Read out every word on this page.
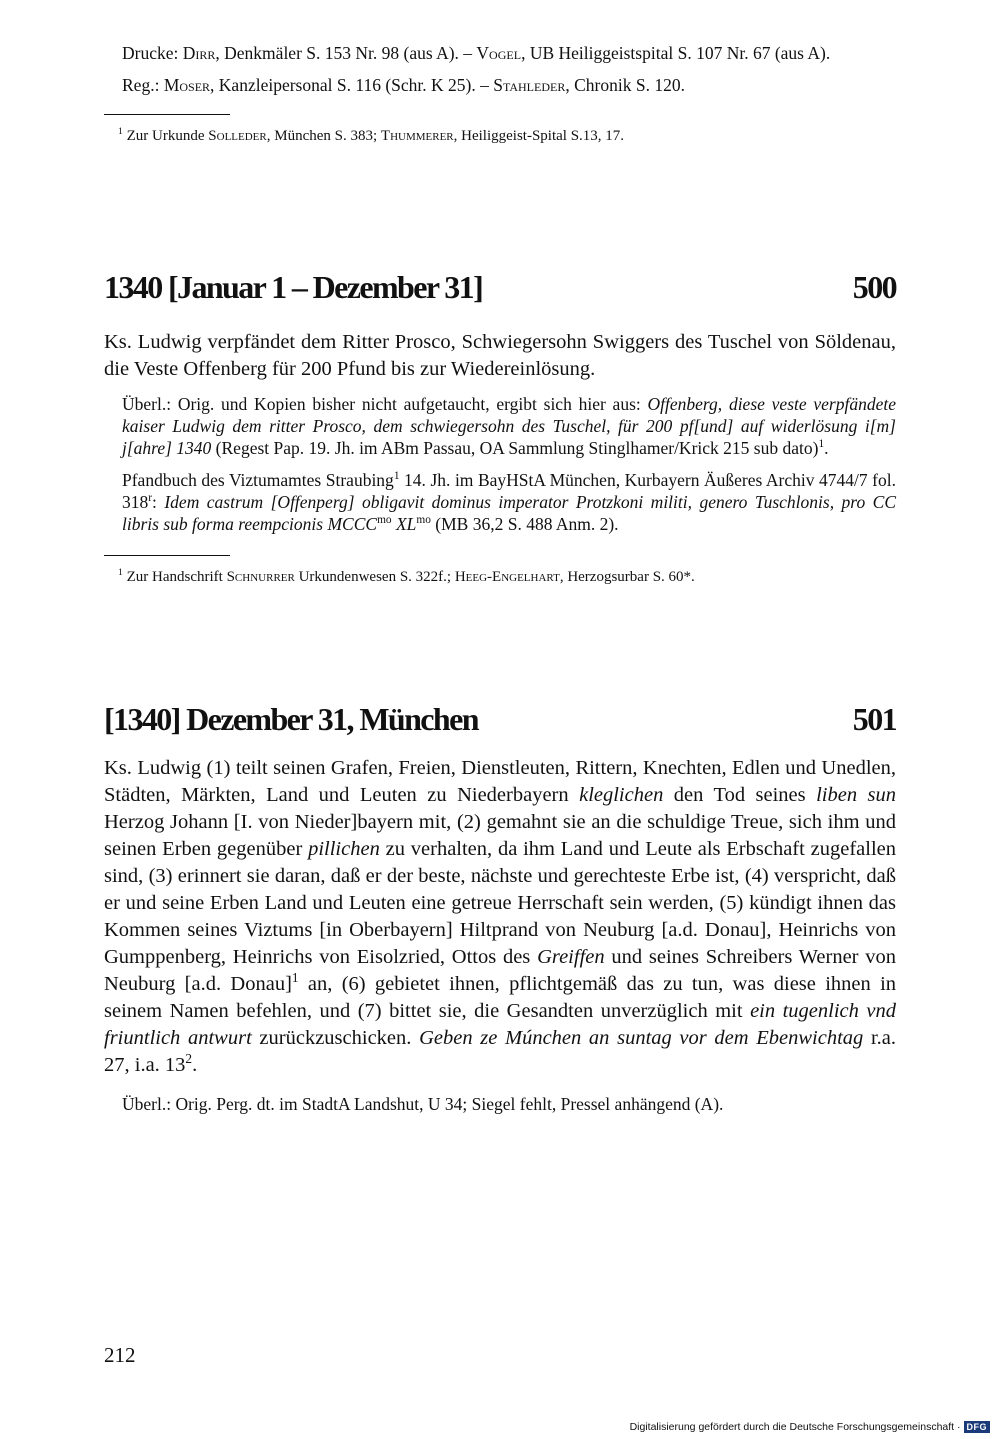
Drucke: Dirr, Denkmäler S. 153 Nr. 98 (aus A). – Vogel, UB Heiliggeistspital S. 107 Nr. 67 (aus A).

Reg.: Moser, Kanzleipersonal S. 116 (Schr. K 25). – Stahleder, Chronik S. 120.

$^1$ Zur Urkunde Solleder, München S. 383; Thummerer, Heiliggeist-Spital S.13, 17.

1340 [Januar 1 – Dezember 31]	500

Ks. Ludwig verpfändet dem Ritter Prosco, Schwiegersohn Swiggers des Tuschel von Söldenau, die Veste Offenberg für 200 Pfund bis zur Wiedereinlösung.

Überl.: Orig. und Kopien bisher nicht aufgetaucht, ergibt sich hier aus: Offenberg, diese veste verpfändete kaiser Ludwig dem ritter Prosco, dem schwiegersohn des Tuschel, für 200 pf[und] auf widerlösung i[m] j[ahre] 1340 (Regest Pap. 19. Jh. im ABm Passau, OA Sammlung Stinglhamer/Krick 215 sub dato)$^1$.

Pfandbuch des Viztumamtes Straubing$^1$ 14. Jh. im BayHStA München, Kurbayern Äußeres Archiv 4744/7 fol. 318$^r$: Idem castrum [Offenperg] obligavit dominus imperator Protzkoni militi, genero Tuschlonis, pro CC libris sub forma reempcionis $MCCC^{mo}$ $XL^{mo}$ (MB 36,2 S. 488 Anm. 2).

$^1$ Zur Handschrift Schnurrer Urkundenwesen S. 322f.; Heeg-Engelhart, Herzogsurbar S. 60*.

[1340] Dezember 31, München	501

Ks. Ludwig (1) teilt seinen Grafen, Freien, Dienstleuten, Rittern, Knechten, Edlen und Unedlen, Städten, Märkten, Land und Leuten zu Niederbayern kleglichen den Tod seines liben sun Herzog Johann [I. von Nieder]bayern mit, (2) gemahnt sie an die schuldige Treue, sich ihm und seinen Erben gegenüber pillichen zu verhalten, da ihm Land und Leute als Erbschaft zugefallen sind, (3) erinnert sie daran, daß er der beste, nächste und gerechteste Erbe ist, (4) verspricht, daß er und seine Erben Land und Leuten eine getreue Herrschaft sein werden, (5) kündigt ihnen das Kommen seines Viztums [in Oberbayern] Hiltprand von Neuburg [a.d. Donau], Heinrichs von Gumppenberg, Heinrichs von Eisolzried, Ottos des Greiffen und seines Schreibers Werner von Neuburg [a.d. Donau]$^1$ an, (6) gebietet ihnen, pflichtgemäß das zu tun, was diese ihnen in seinem Namen befehlen, und (7) bittet sie, die Gesandten unverzüglich mit ein tugenlich vnd friuntlich antwurt zurückzuschicken. Geben ze Múnchen an suntag vor dem Ebenwichtag r.a. 27, i.a. $13^2$.

Überl.: Orig. Perg. dt. im StadtA Landshut, U 34; Siegel fehlt, Pressel anhängend (A).

212
Digitalisierung gefördert durch die Deutsche Forschungsgemeinschaft · DFG
